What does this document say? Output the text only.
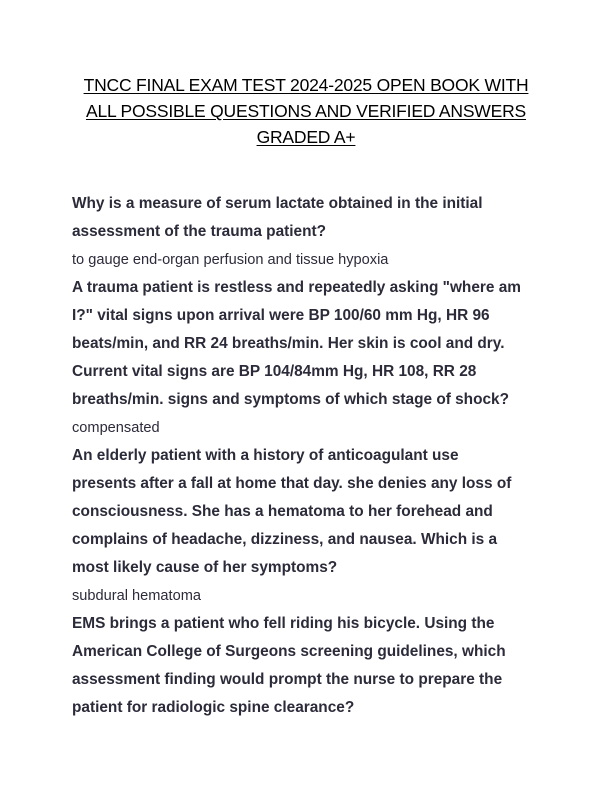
TNCC FINAL EXAM TEST 2024-2025 OPEN BOOK WITH
ALL POSSIBLE QUESTIONS AND VERIFIED ANSWERS
GRADED A+

Why is a measure of serum lactate obtained in the initial

assessment of the trauma patient?

to gauge end-organ perfusion and tissue hypoxia

A trauma patient is restless and repeatedly asking "where am

I?" vital signs upon arrival were BP 100/60 mm Hg, HR 96

beats/min, and RR 24 breaths/min. Her skin is cool and dry.

Current vital signs are BP 104/84mm Hg, HR 108, RR 28

breaths/min. signs and symptoms of which stage of shock?

compensated

An elderly patient with a history of anticoagulant use

presents after a fall at home that day. she denies any loss of

consciousness. She has a hematoma to her forehead and

complains of headache, dizziness, and nausea. Which is a

most likely cause of her symptoms?

subdural hematoma

EMS brings a patient who fell riding his bicycle. Using the

American College of Surgeons screening guidelines, which

assessment finding would prompt the nurse to prepare the

patient for radiologic spine clearance?
